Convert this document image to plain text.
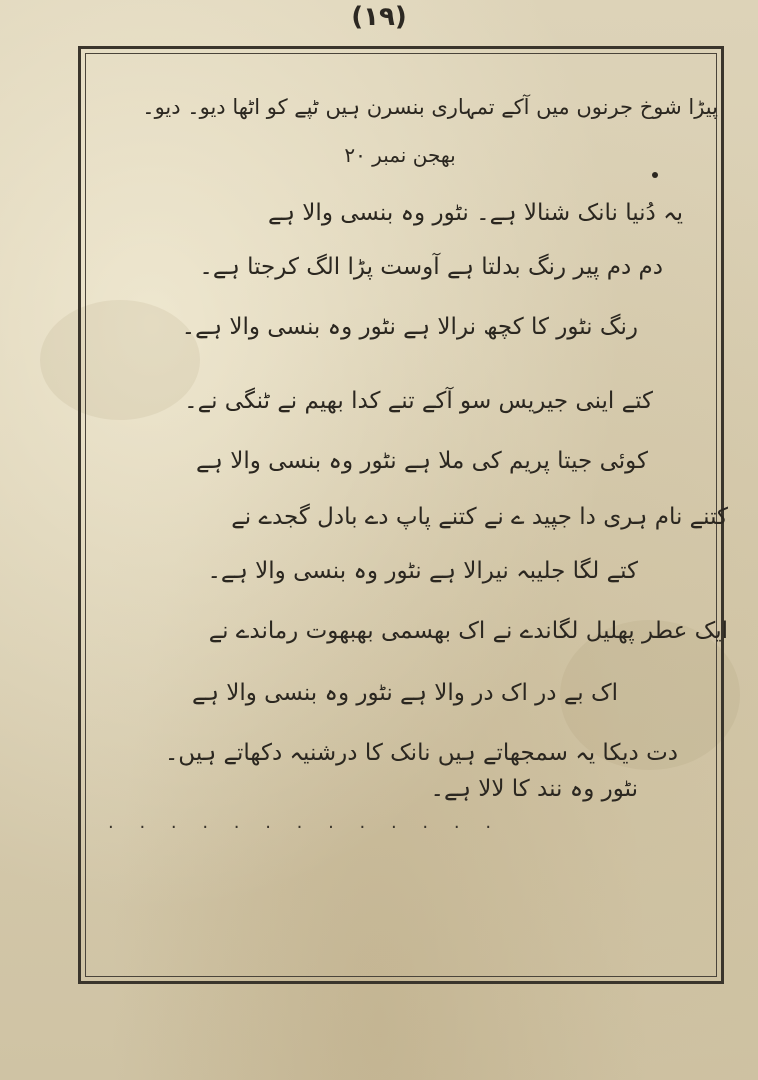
(١٩)
پیڑا شوخ جرنوں میں آکے تمہاری بنسرن ہیں ٹپے کو اٹھا دیو۔ دیو۔
بھجن نمبر ۲۰
یہ دُنیا نانک شنالا ہے۔ نٹور وہ بنسی والا ہے
دم دم پیر رنگ بدلتا ہے آوست پڑا الگ کرجتا ہے۔
رنگ نٹور کا کچھ نرالا ہے نٹور وہ بنسی والا ہے۔
کتے اینی جیریس سو آکے تنے کدا بھیم نے ٹنگی نے۔
کوئی جیتا پریم کی ملا ہے نٹور وہ بنسی والا ہے
کتنے نام ہری دا جپید ے نے کتنے پاپ دے بادل گجدے نے
کتے لگا جلیبہ نیرالا ہے نٹور وہ بنسی والا ہے۔
ایک عطر پھلیل لگاندے نے اک بھسمی بھبھوت رماندے نے
اک بے در اک در والا ہے نٹور وہ بنسی والا ہے
دت دیکا یہ سمجھاتے ہیں نانک کا درشنیہ دکھاتے ہیں۔
نٹور وہ نند کا لالا ہے۔
. . . . . . . . . . . . .
